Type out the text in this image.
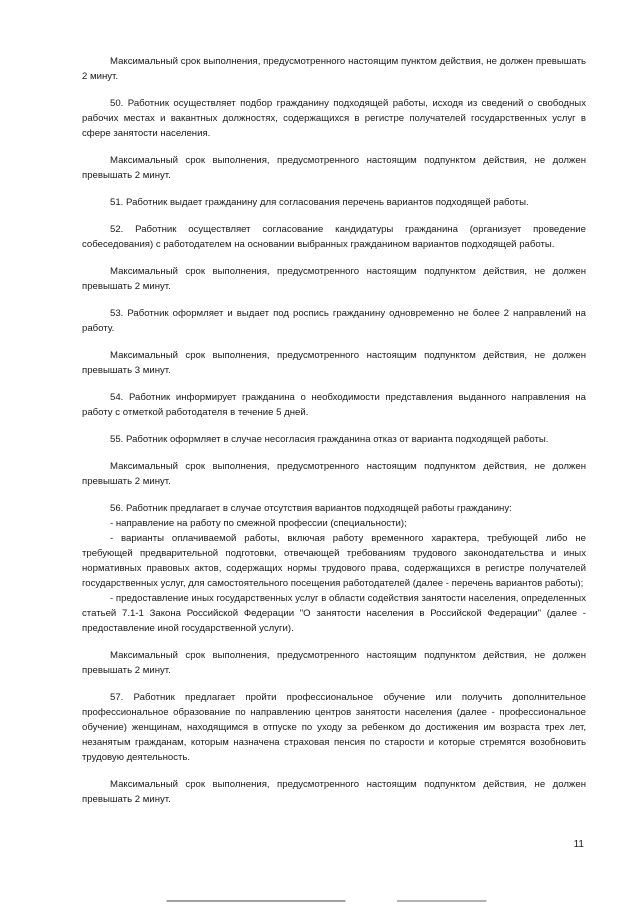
Максимальный срок выполнения, предусмотренного настоящим пунктом действия, не должен превышать 2 минут.

50. Работник осуществляет подбор гражданину подходящей работы, исходя из сведений о свободных рабочих местах и вакантных должностях, содержащихся в регистре получателей государственных услуг в сфере занятости населения.

Максимальный срок выполнения, предусмотренного настоящим подпунктом действия, не должен превышать 2 минут.

51. Работник выдает гражданину для согласования перечень вариантов подходящей работы.

52. Работник осуществляет согласование кандидатуры гражданина (организует проведение собеседования) с работодателем на основании выбранных гражданином вариантов подходящей работы.

Максимальный срок выполнения, предусмотренного настоящим подпунктом действия, не должен превышать 2 минут.

53. Работник оформляет и выдает под роспись гражданину одновременно не более 2 направлений на работу.

Максимальный срок выполнения, предусмотренного настоящим подпунктом действия, не должен превышать 3 минут.

54. Работник информирует гражданина о необходимости представления выданного направления на работу с отметкой работодателя в течение 5 дней.

55. Работник оформляет в случае несогласия гражданина отказ от варианта подходящей работы.

Максимальный срок выполнения, предусмотренного настоящим подпунктом действия, не должен превышать 2 минут.

56. Работник предлагает в случае отсутствия вариантов подходящей работы гражданину:

- направление на работу по смежной профессии (специальности);

- варианты оплачиваемой работы, включая работу временного характера, требующей либо не требующей предварительной подготовки, отвечающей требованиям трудового законодательства и иных нормативных правовых актов, содержащих нормы трудового права, содержащихся в регистре получателей государственных услуг, для самостоятельного посещения работодателей (далее - перечень вариантов работы);

- предоставление иных государственных услуг в области содействия занятости населения, определенных статьей 7.1-1 Закона Российской Федерации "О занятости населения в Российской Федерации" (далее - предоставление иной государственной услуги).

Максимальный срок выполнения, предусмотренного настоящим подпунктом действия, не должен превышать 2 минут.

57. Работник предлагает пройти профессиональное обучение или получить дополнительное профессиональное образование по направлению центров занятости населения (далее - профессиональное обучение) женщинам, находящимся в отпуске по уходу за ребенком до достижения им возраста трех лет, незанятым гражданам, которым назначена страховая пенсия по старости и которые стремятся возобновить трудовую деятельность.

Максимальный срок выполнения, предусмотренного настоящим подпунктом действия, не должен превышать 2 минут.

11
